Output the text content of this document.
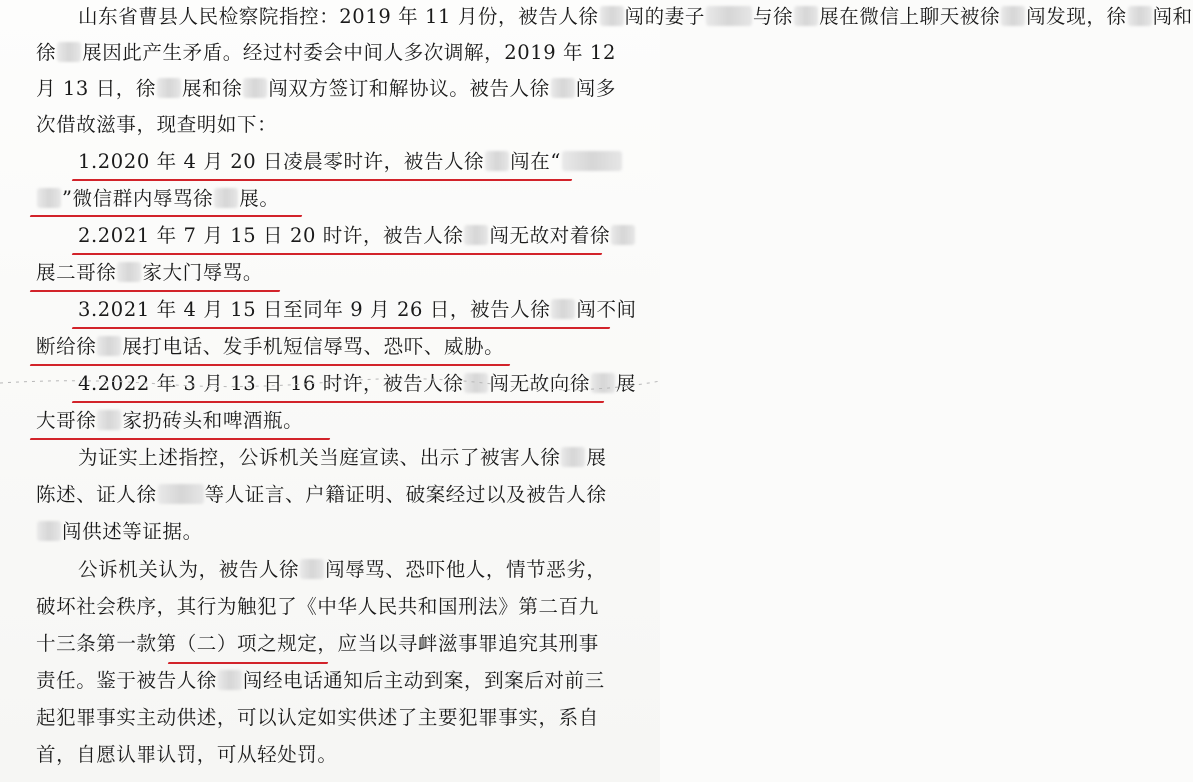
山东省曹县人民检察院指控：2019 年 11 月份，被告人徐 闯的妻子 与徐 展在微信上聊天被徐 闯发现，徐 闯和
徐 展因此产生矛盾。经过村委会中间人多次调解，2019 年 12
月 13 日，徐 展和徐 闯双方签订和解协议。被告人徐 闯多
次借故滋事，现查明如下：
1.2020 年 4 月 20 日凌晨零时许，被告人徐 闯在“
”微信群内辱骂徐 展。
2.2021 年 7 月 15 日 20 时许，被告人徐 闯无故对着徐
展二哥徐 家大门辱骂。
3.2021 年 4 月 15 日至同年 9 月 26 日，被告人徐 闯不间
断给徐 展打电话、发手机短信辱骂、恐吓、威胁。
4.2022 年 3 月 13 日 16 时许，被告人徐 闯无故向徐 展
大哥徐 家扔砖头和啤酒瓶。
为证实上述指控，公诉机关当庭宣读、出示了被害人徐 展
陈述、证人徐 等人证言、户籍证明、破案经过以及被告人徐
闯供述等证据。
公诉机关认为，被告人徐 闯辱骂、恐吓他人，情节恶劣，
破坏社会秩序，其行为触犯了《中华人民共和国刑法》第二百九
十三条第一款第（二）项之规定，应当以寻衅滋事罪追究其刑事
责任。鉴于被告人徐 闯经电话通知后主动到案，到案后对前三
起犯罪事实主动供述，可以认定如实供述了主要犯罪事实，系自
首，自愿认罪认罚，可从轻处罚。
